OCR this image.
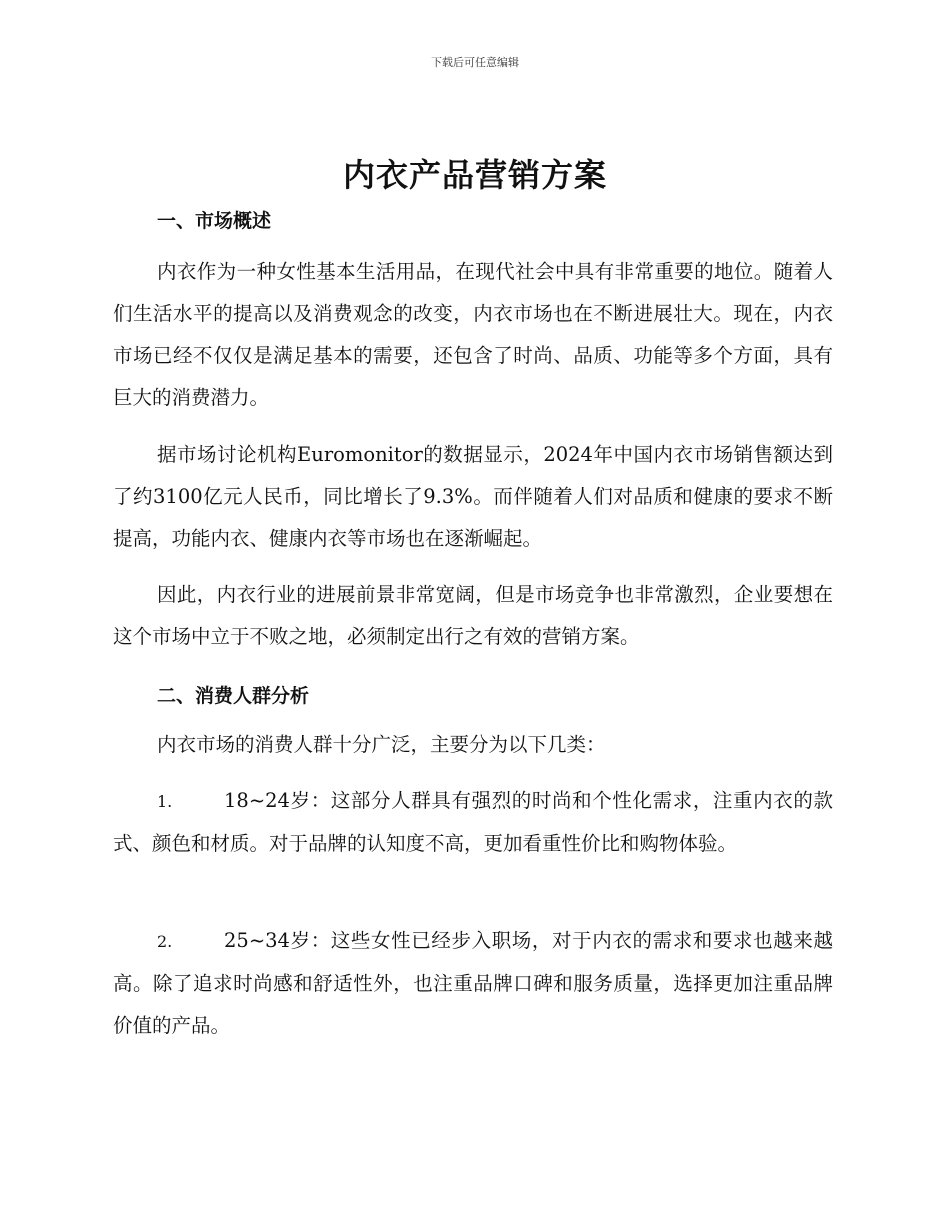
下载后可任意编辑
内衣产品营销方案
一、市场概述

内衣作为一种女性基本生活用品，在现代社会中具有非常重要的地位。随着人们生活水平的提高以及消费观念的改变，内衣市场也在不断进展壮大。现在，内衣市场已经不仅仅是满足基本的需要，还包含了时尚、品质、功能等多个方面，具有巨大的消费潜力。

据市场讨论机构Euromonitor的数据显示，2024年中国内衣市场销售额达到了约3100亿元人民币，同比增长了9.3%。而伴随着人们对品质和健康的要求不断提高，功能内衣、健康内衣等市场也在逐渐崛起。

因此，内衣行业的进展前景非常宽阔，但是市场竞争也非常激烈，企业要想在这个市场中立于不败之地，必须制定出行之有效的营销方案。

二、消费人群分析

内衣市场的消费人群十分广泛，主要分为以下几类：

1.	18~24岁：这部分人群具有强烈的时尚和个性化需求，注重内衣的款式、颜色和材质。对于品牌的认知度不高，更加看重性价比和购物体验。

2.	25~34岁：这些女性已经步入职场，对于内衣的需求和要求也越来越高。除了追求时尚感和舒适性外，也注重品牌口碑和服务质量，选择更加注重品牌价值的产品。
